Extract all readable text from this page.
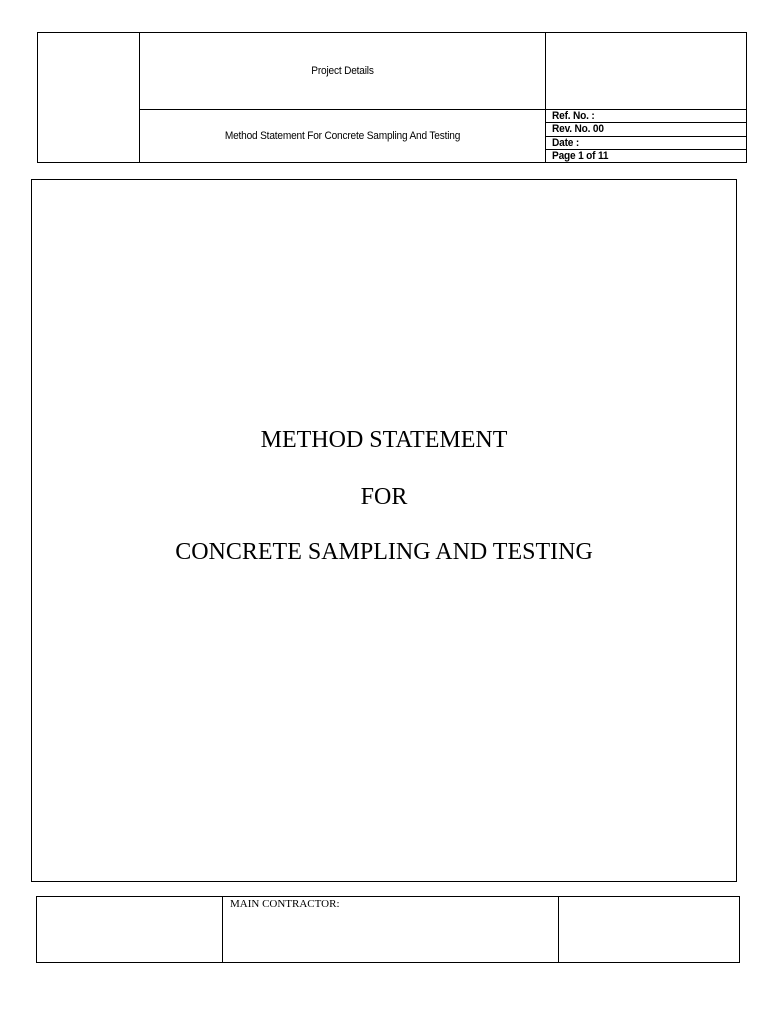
	Project Details	

	Method Statement For Concrete Sampling And Testing	Ref. No. :
		Rev. No. 00
		Date :
		Page 1 of 11
METHOD STATEMENT
FOR
CONCRETE SAMPLING AND TESTING

MAIN CONTRACTOR:
